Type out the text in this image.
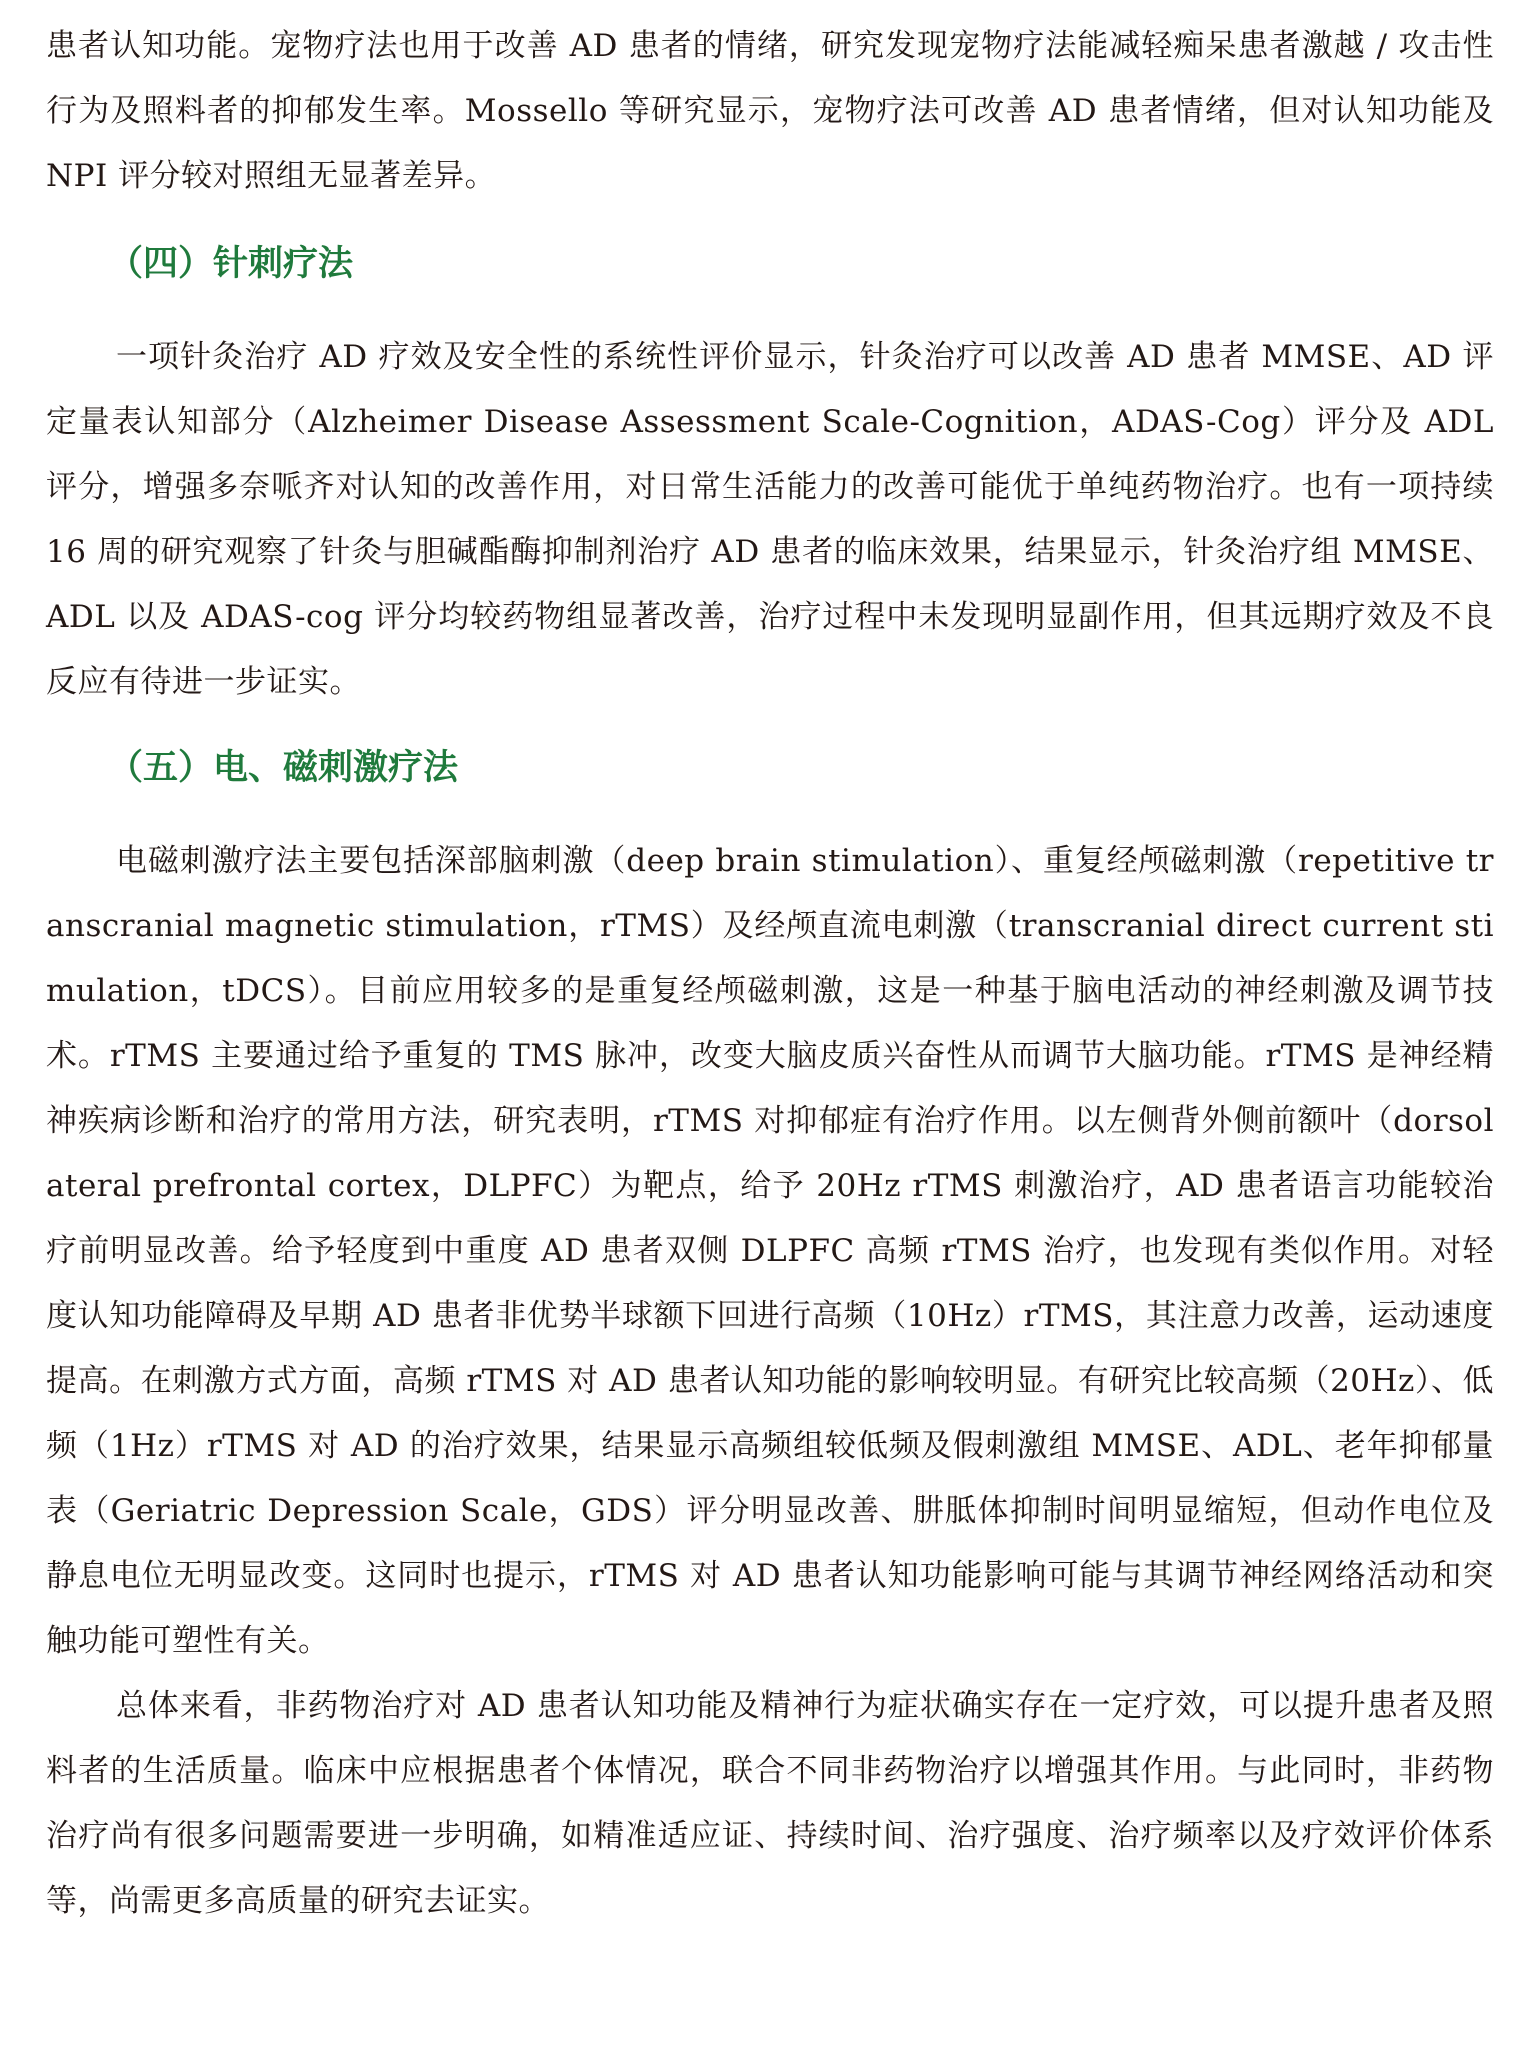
患者认知功能。宠物疗法也用于改善 AD 患者的情绪，研究发现宠物疗法能减轻痴呆患者激越 / 攻击性行为及照料者的抑郁发生率。Mossello 等研究显示，宠物疗法可改善 AD 患者情绪，但对认知功能及 NPI 评分较对照组无显著差异。

（四）针刺疗法

一项针灸治疗 AD 疗效及安全性的系统性评价显示，针灸治疗可以改善 AD 患者 MMSE、AD 评定量表认知部分（Alzheimer Disease Assessment Scale-Cognition，ADAS-Cog）评分及 ADL 评分，增强多奈哌齐对认知的改善作用，对日常生活能力的改善可能优于单纯药物治疗。也有一项持续 16 周的研究观察了针灸与胆碱酯酶抑制剂治疗 AD 患者的临床效果，结果显示，针灸治疗组 MMSE、ADL 以及 ADAS-cog 评分均较药物组显著改善，治疗过程中未发现明显副作用，但其远期疗效及不良反应有待进一步证实。

（五）电、磁刺激疗法

电磁刺激疗法主要包括深部脑刺激（deep brain stimulation）、重复经颅磁刺激（repetitive transcranial magnetic stimulation，rTMS）及经颅直流电刺激（transcranial direct current stimulation，tDCS）。目前应用较多的是重复经颅磁刺激，这是一种基于脑电活动的神经刺激及调节技术。rTMS 主要通过给予重复的 TMS 脉冲，改变大脑皮质兴奋性从而调节大脑功能。rTMS 是神经精神疾病诊断和治疗的常用方法，研究表明，rTMS 对抑郁症有治疗作用。以左侧背外侧前额叶（dorsolateral prefrontal cortex，DLPFC）为靶点，给予 20Hz rTMS 刺激治疗，AD 患者语言功能较治疗前明显改善。给予轻度到中重度 AD 患者双侧 DLPFC 高频 rTMS 治疗，也发现有类似作用。对轻度认知功能障碍及早期 AD 患者非优势半球额下回进行高频（10Hz）rTMS，其注意力改善，运动速度提高。在刺激方式方面，高频 rTMS 对 AD 患者认知功能的影响较明显。有研究比较高频（20Hz）、低频（1Hz）rTMS 对 AD 的治疗效果，结果显示高频组较低频及假刺激组 MMSE、ADL、老年抑郁量表（Geriatric Depression Scale，GDS）评分明显改善、肼胝体抑制时间明显缩短，但动作电位及静息电位无明显改变。这同时也提示，rTMS 对 AD 患者认知功能影响可能与其调节神经网络活动和突触功能可塑性有关。

总体来看，非药物治疗对 AD 患者认知功能及精神行为症状确实存在一定疗效，可以提升患者及照料者的生活质量。临床中应根据患者个体情况，联合不同非药物治疗以增强其作用。与此同时，非药物治疗尚有很多问题需要进一步明确，如精准适应证、持续时间、治疗强度、治疗频率以及疗效评价体系等，尚需更多高质量的研究去证实。
